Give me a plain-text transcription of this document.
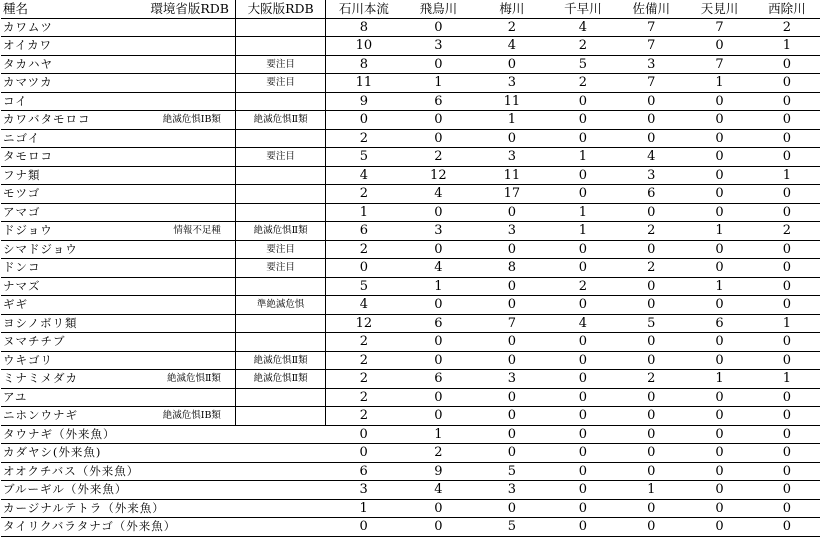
種名	環境省版RDB	大阪版RDB	石川本流	飛鳥川	梅川	千早川	佐備川	天見川	西除川
カワムツ			8	0	2	4	7	7	2
オイカワ			10	3	4	2	7	0	1
タカハヤ		要注目	8	0	0	5	3	7	0
カマツカ		要注目	11	1	3	2	7	1	0
コイ			9	6	11	0	0	0	0
カワバタモロコ	絶滅危惧ⅠB類	絶滅危惧Ⅱ類	0	0	1	0	0	0	0
ニゴイ			2	0	0	0	0	0	0
タモロコ		要注目	5	2	3	1	4	0	0
フナ類			4	12	11	0	3	0	1
モツゴ			2	4	17	0	6	0	0
アマゴ			1	0	0	1	0	0	0
ドジョウ	情報不足種	絶滅危惧Ⅱ類	6	3	3	1	2	1	2
シマドジョウ		要注目	2	0	0	0	0	0	0
ドンコ		要注目	0	4	8	0	2	0	0
ナマズ			5	1	0	2	0	1	0
ギギ		準絶滅危惧	4	0	0	0	0	0	0
ヨシノボリ類			12	6	7	4	5	6	1
ヌマチチブ			2	0	0	0	0	0	0
ウキゴリ		絶滅危惧Ⅱ類	2	0	0	0	0	0	0
ミナミメダカ	絶滅危惧Ⅱ類	絶滅危惧Ⅱ類	2	6	3	0	2	1	1
アユ			2	0	0	0	0	0	0
ニホンウナギ	絶滅危惧ⅠB類		2	0	0	0	0	0	0
タウナギ（外来魚）			0	1	0	0	0	0	0
カダヤシ(外来魚)			0	2	0	0	0	0	0
オオクチバス（外来魚）			6	9	5	0	0	0	0
ブルーギル（外来魚）			3	4	3	0	1	0	0
カージナルテトラ（外来魚）			1	0	0	0	0	0	0
タイリクバラタナゴ（外来魚）			0	0	5	0	0	0	0
